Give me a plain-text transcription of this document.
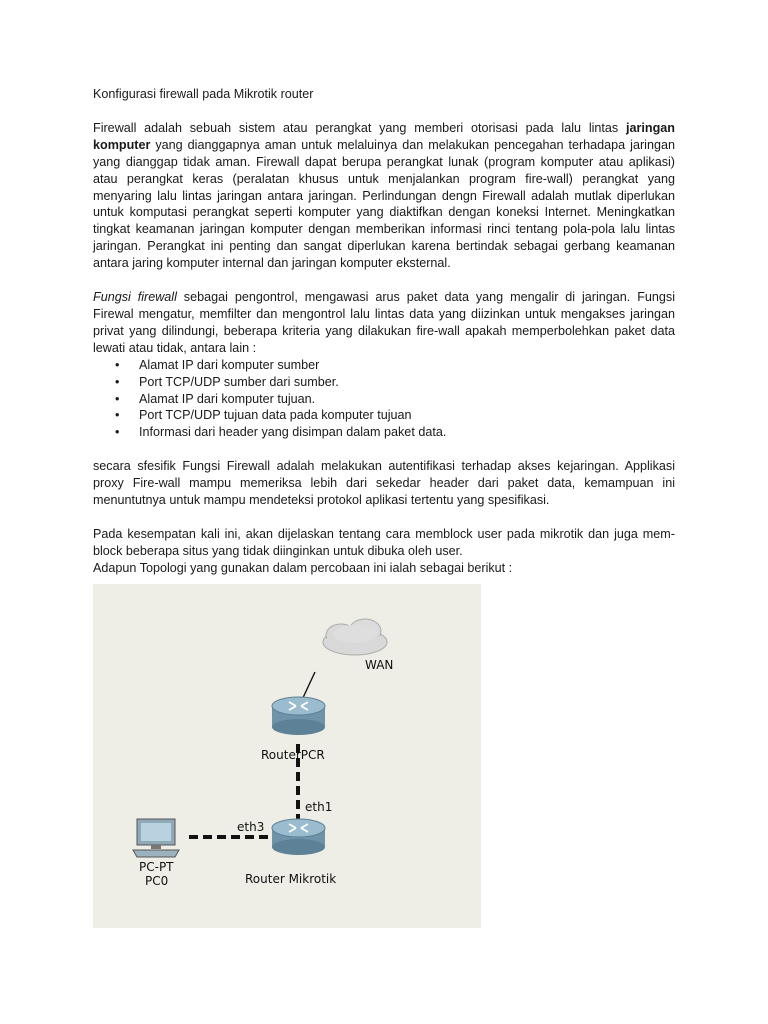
Konfigurasi firewall pada Mikrotik router

Firewall adalah sebuah sistem atau perangkat yang memberi otorisasi pada lalu lintas jaringan komputer yang dianggapnya aman untuk melaluinya dan melakukan pencegahan terhadapa jaringan yang dianggap tidak aman. Firewall dapat berupa perangkat lunak (program komputer atau aplikasi) atau perangkat keras (peralatan khusus untuk menjalankan program fire-wall) perangkat yang menyaring lalu lintas jaringan antara jaringan. Perlindungan dengn Firewall adalah mutlak diperlukan untuk komputasi perangkat seperti komputer yang diaktifkan dengan koneksi Internet. Meningkatkan tingkat keamanan jaringan komputer dengan memberikan informasi rinci tentang pola-pola lalu lintas jaringan. Perangkat ini penting dan sangat diperlukan karena bertindak sebagai gerbang keamanan antara jaring komputer internal dan jaringan komputer eksternal.

Fungsi firewall sebagai pengontrol, mengawasi arus paket data yang mengalir di jaringan. Fungsi Firewal mengatur, memfilter dan mengontrol lalu lintas data yang diizinkan untuk mengakses jaringan privat yang dilindungi, beberapa kriteria yang dilakukan fire-wall apakah memperbolehkan paket data lewati atau tidak, antara lain :

• Alamat IP dari komputer sumber
• Port TCP/UDP sumber dari sumber.
• Alamat IP dari komputer tujuan.
• Port TCP/UDP tujuan data pada komputer tujuan
• Informasi dari header yang disimpan dalam paket data.

secara sfesifik Fungsi Firewall adalah melakukan autentifikasi terhadap akses kejaringan. Applikasi proxy Fire-wall mampu memeriksa lebih dari sekedar header dari paket data, kemampuan ini menuntutnya untuk mampu mendeteksi protokol aplikasi tertentu yang spesifikasi.

Pada kesempatan kali ini, akan dijelaskan tentang cara memblock user pada mikrotik dan juga mem-block beberapa situs yang tidak diinginkan untuk dibuka oleh user.

Adapun Topologi yang gunakan dalam percobaan ini ialah sebagai berikut :

WAN
RouterPCR
eth1
eth3
PC-PT
PC0	Router Mikrotik
